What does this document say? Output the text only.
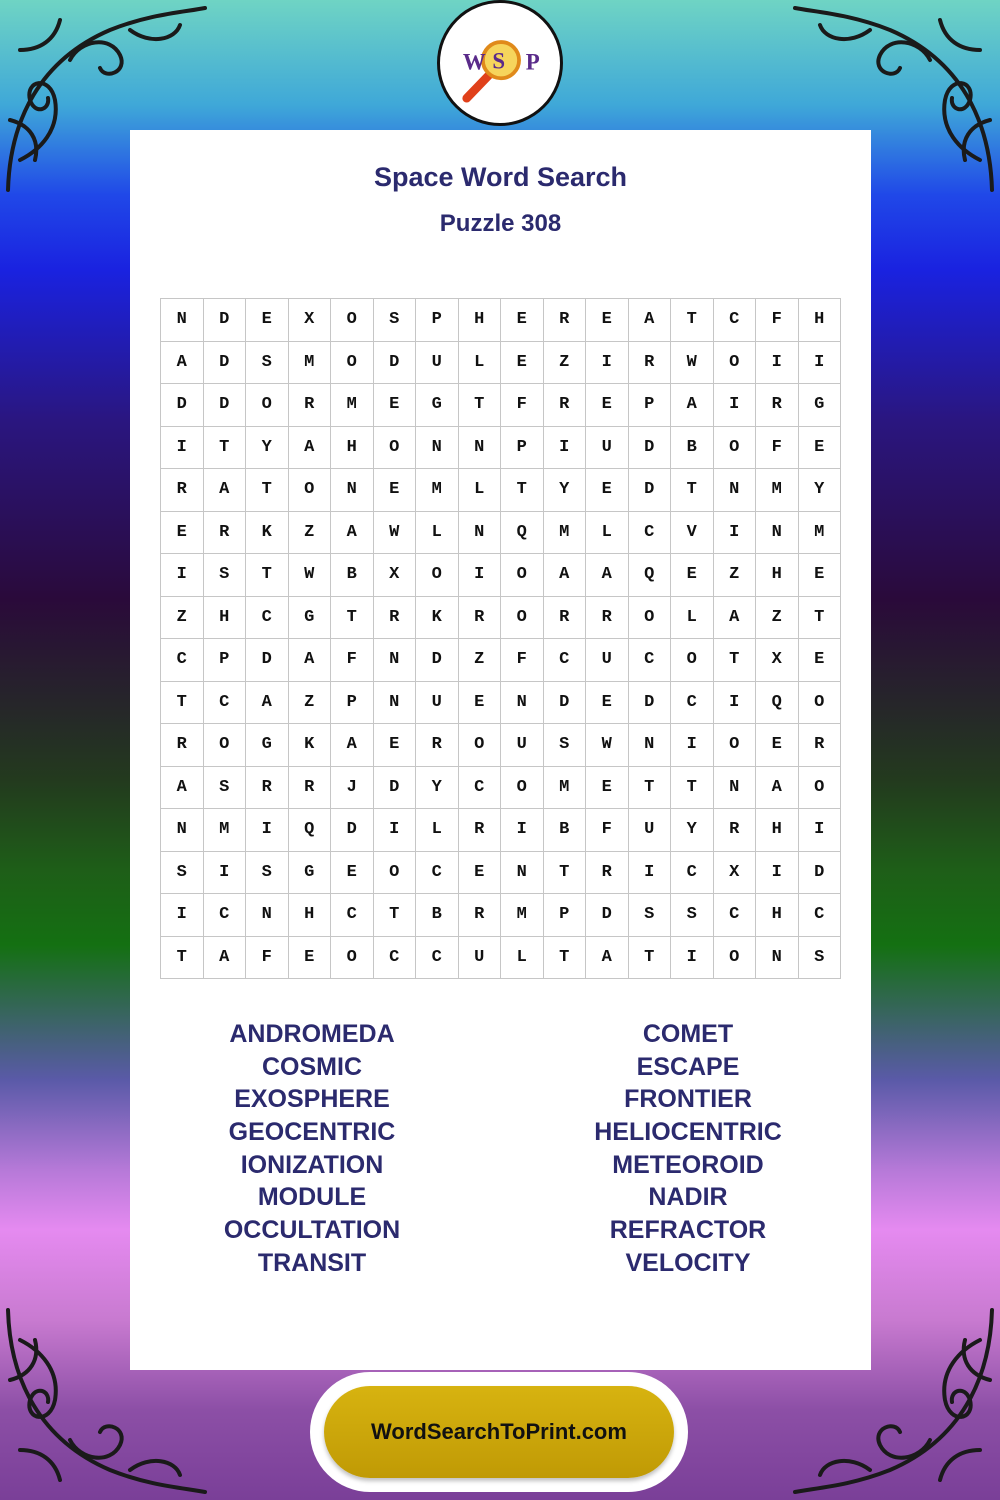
W S P
Space Word Search
Puzzle 308
N	D	E	X	O	S	P	H	E	R	E	A	T	C	F	H
A	D	S	M	O	D	U	L	E	Z	I	R	W	O	I	I
D	D	O	R	M	E	G	T	F	R	E	P	A	I	R	G
I	T	Y	A	H	O	N	N	P	I	U	D	B	O	F	E
R	A	T	O	N	E	M	L	T	Y	E	D	T	N	M	Y
E	R	K	Z	A	W	L	N	Q	M	L	C	V	I	N	M
I	S	T	W	B	X	O	I	O	A	A	Q	E	Z	H	E
Z	H	C	G	T	R	K	R	O	R	R	O	L	A	Z	T
C	P	D	A	F	N	D	Z	F	C	U	C	O	T	X	E
T	C	A	Z	P	N	U	E	N	D	E	D	C	I	Q	O
R	O	G	K	A	E	R	O	U	S	W	N	I	O	E	R
A	S	R	R	J	D	Y	C	O	M	E	T	T	N	A	O
N	M	I	Q	D	I	L	R	I	B	F	U	Y	R	H	I
S	I	S	G	E	O	C	E	N	T	R	I	C	X	I	D
I	C	N	H	C	T	B	R	M	P	D	S	S	C	H	C
T	A	F	E	O	C	C	U	L	T	A	T	I	O	N	S
ANDROMEDA
COSMIC
EXOSPHERE
GEOCENTRIC
IONIZATION
MODULE
OCCULTATION
TRANSIT
COMET
ESCAPE
FRONTIER
HELIOCENTRIC
METEOROID
NADIR
REFRACTOR
VELOCITY
WordSearchToPrint.com
